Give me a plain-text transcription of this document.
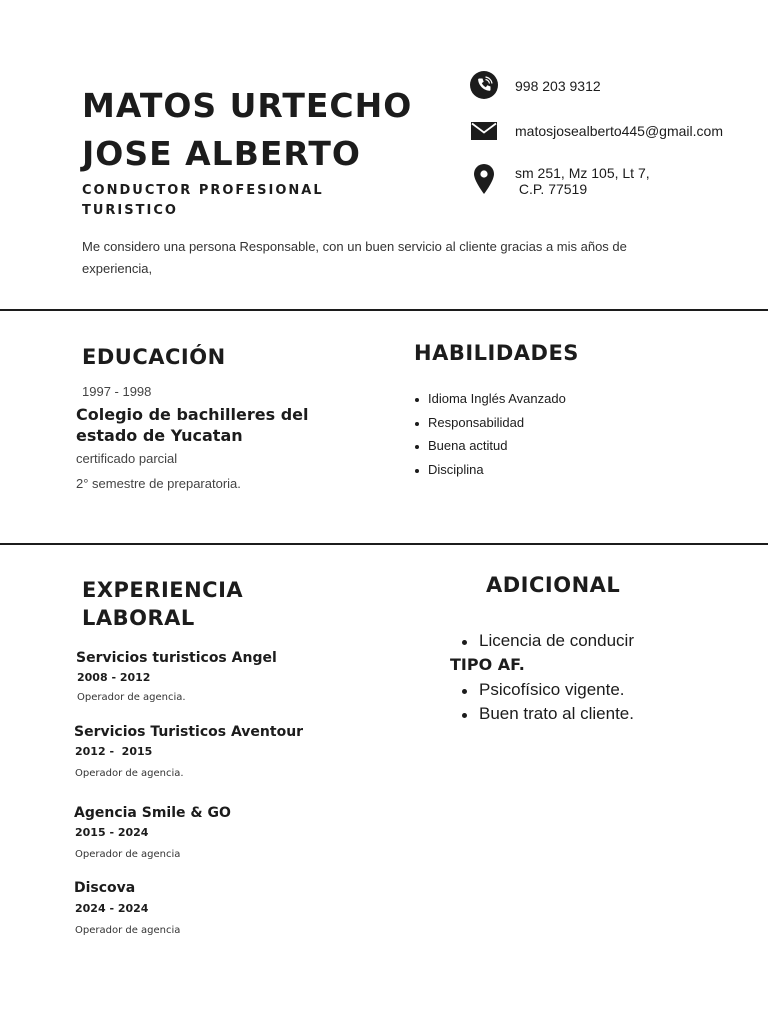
MATOS URTECHO
JOSE ALBERTO
CONDUCTOR PROFESIONAL
TURISTICO
Me considero una persona Responsable, con un buen servicio al cliente gracias a mis años de experiencia,
998 203 9312
matosjosealberto445@gmail.com
sm 251, Mz 105, Lt 7,
C.P. 77519
EDUCACIÓN
1997 - 1998
Colegio de bachilleres del estado de Yucatan
certificado parcial
2° semestre de preparatoria.
HABILIDADES
Idioma Inglés Avanzado
Responsabilidad
Buena actitud
Disciplina
EXPERIENCIA
LABORAL
Servicios turisticos Angel
2008 - 2012
Operador de agencia.
Servicios Turisticos Aventour
2012 -  2015
Operador de agencia.
Agencia Smile & GO
2015 - 2024
Operador de agencia
Discova
2024 - 2024
Operador de agencia
ADICIONAL
Licencia de conducir
TIPO AF.
Psicofísico vigente.
Buen trato al cliente.
